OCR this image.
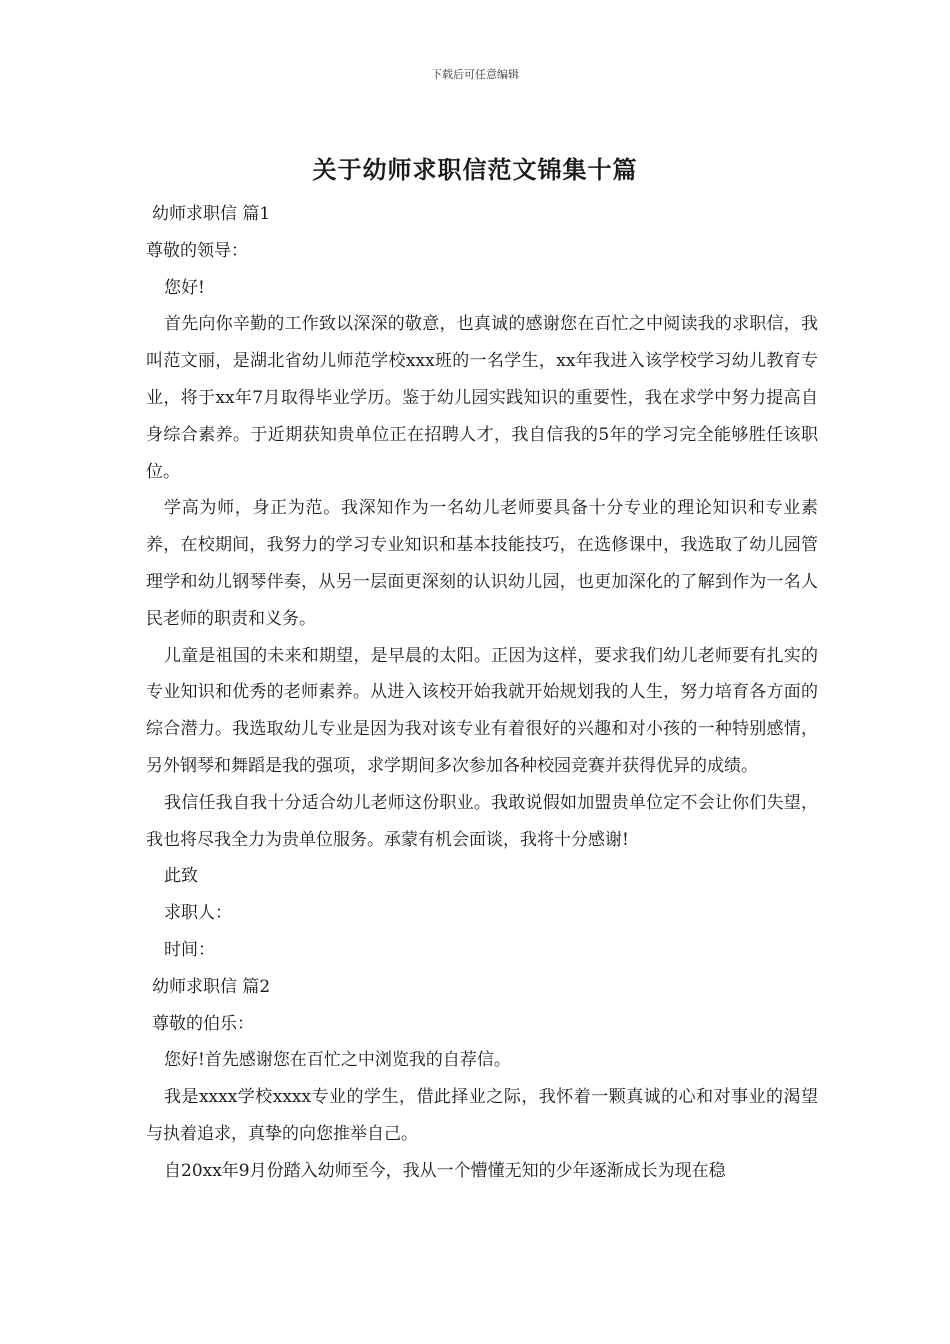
下载后可任意编辑
关于幼师求职信范文锦集十篇

幼师求职信 篇1

尊敬的领导：

您好!

首先向你辛勤的工作致以深深的敬意，也真诚的感谢您在百忙之中阅读我的求职信，我叫范文丽，是湖北省幼儿师范学校xxx班的一名学生，xx年我进入该学校学习幼儿教育专业，将于xx年7月取得毕业学历。鉴于幼儿园实践知识的重要性，我在求学中努力提高自身综合素养。于近期获知贵单位正在招聘人才，我自信我的5年的学习完全能够胜任该职位。

学高为师，身正为范。我深知作为一名幼儿老师要具备十分专业的理论知识和专业素养，在校期间，我努力的学习专业知识和基本技能技巧，在选修课中，我选取了幼儿园管理学和幼儿钢琴伴奏，从另一层面更深刻的认识幼儿园，也更加深化的了解到作为一名人民老师的职责和义务。

儿童是祖国的未来和期望，是早晨的太阳。正因为这样，要求我们幼儿老师要有扎实的专业知识和优秀的老师素养。从进入该校开始我就开始规划我的人生，努力培育各方面的综合潜力。我选取幼儿专业是因为我对该专业有着很好的兴趣和对小孩的一种特别感情，另外钢琴和舞蹈是我的强项，求学期间多次参加各种校园竞赛并获得优异的成绩。

我信任我自我十分适合幼儿老师这份职业。我敢说假如加盟贵单位定不会让你们失望，我也将尽我全力为贵单位服务。承蒙有机会面谈，我将十分感谢!

此致

求职人：

时间：

幼师求职信 篇2

尊敬的伯乐：

您好!首先感谢您在百忙之中浏览我的自荐信。

我是xxxx学校xxxx专业的学生，借此择业之际，我怀着一颗真诚的心和对事业的渴望与执着追求，真挚的向您推举自己。

自20xx年9月份踏入幼师至今，我从一个懵懂无知的少年逐渐成长为现在稳
